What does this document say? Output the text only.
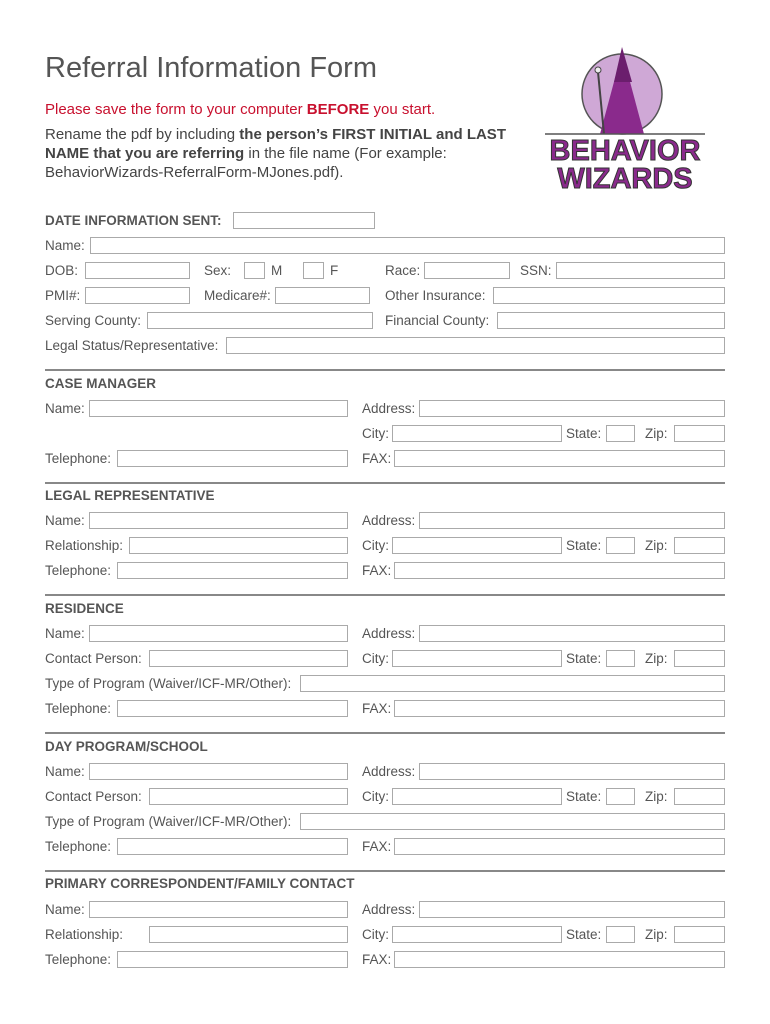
Referral Information Form
Please save the form to your computer BEFORE you start.
Rename the pdf by including the person’s FIRST INITIAL and LAST NAME that you are referring in the file name (For example: BehaviorWizards-ReferralForm-MJones.pdf).
BEHAVIOR
WIZARDS
DATE INFORMATION SENT:
Name:
DOB:	Sex:	M	F	Race:	SSN:
PMI#:	Medicare#:	Other Insurance:
Serving County:	Financial County:
Legal Status/Representative:
CASE MANAGER
Name:	Address:
City:	State:	Zip:
Telephone:	FAX:
LEGAL REPRESENTATIVE
Name:	Address:
Relationship:	City:	State:	Zip:
Telephone:	FAX:
RESIDENCE
Name:	Address:
Contact Person:	City:	State:	Zip:
Type of Program (Waiver/ICF-MR/Other):
Telephone:	FAX:
DAY PROGRAM/SCHOOL
Name:	Address:
Contact Person:	City:	State:	Zip:
Type of Program (Waiver/ICF-MR/Other):
Telephone:	FAX:
PRIMARY CORRESPONDENT/FAMILY CONTACT
Name:	Address:
Relationship:	City:	State:	Zip:
Telephone:	FAX:
